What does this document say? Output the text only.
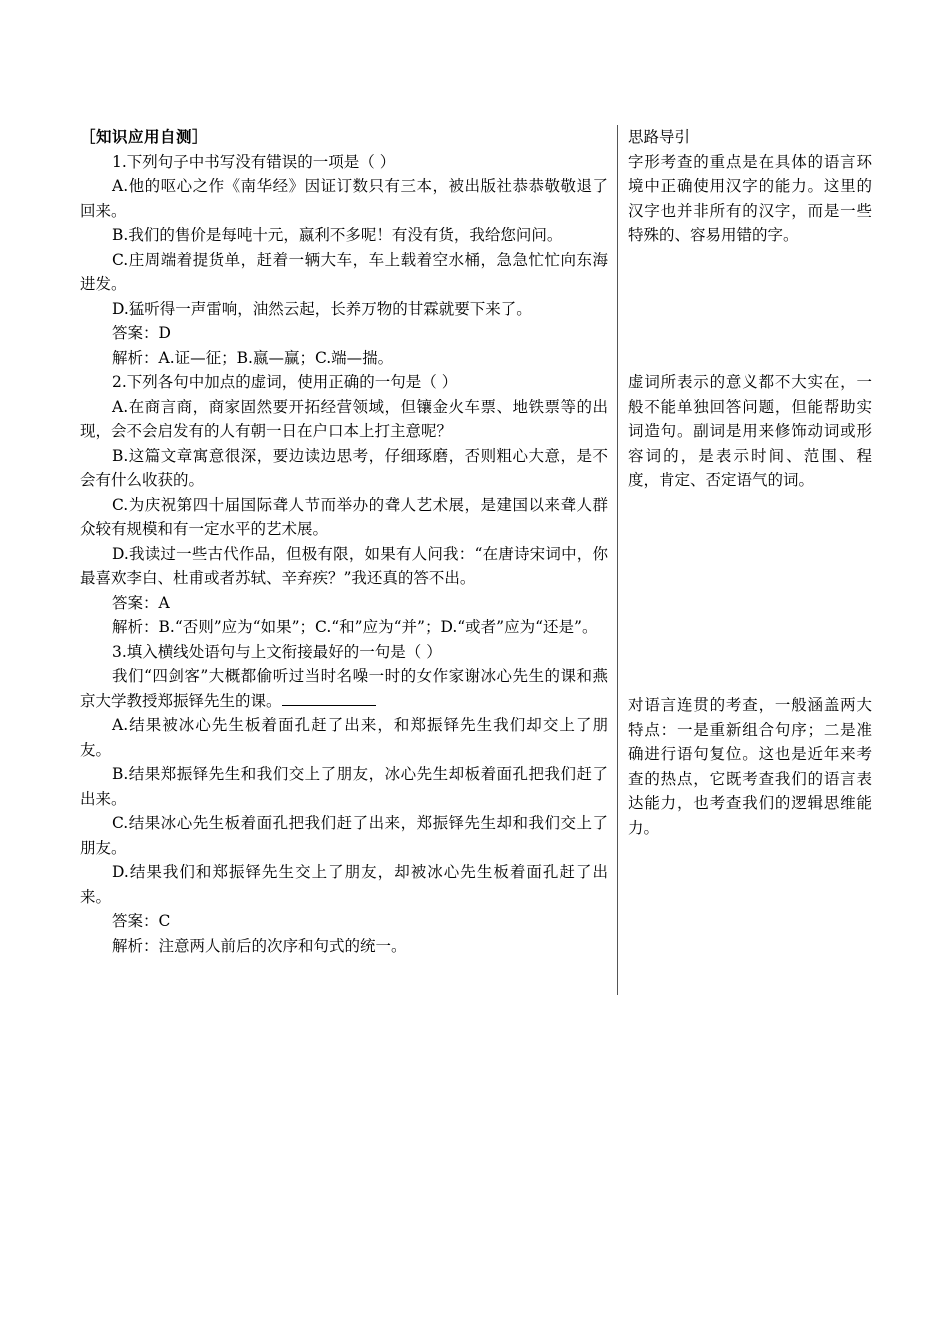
［知识应用自测］

1.下列句子中书写没有错误的一项是（ ）

A.他的呕心之作《南华经》因证订数只有三本，被出版社恭恭敬敬退了回来。

B.我们的售价是每吨十元，嬴利不多呢！有没有货，我给您问问。

C.庄周端着提货单，赶着一辆大车，车上载着空水桶，急急忙忙向东海进发。

D.猛听得一声雷响，油然云起，长养万物的甘霖就要下来了。

答案：D

解析：A.证—征；B.嬴—赢；C.端—揣。

2.下列各句中加点的虚词，使用正确的一句是（ ）

A.在商言商，商家固然要开拓经营领域，但镶金火车票、地铁票等的出现，会不会启发有的人有朝一日在户口本上打主意呢？

B.这篇文章寓意很深，要边读边思考，仔细琢磨，否则粗心大意，是不会有什么收获的。

C.为庆祝第四十届国际聋人节而举办的聋人艺术展，是建国以来聋人群众较有规模和有一定水平的艺术展。

D.我读过一些古代作品，但极有限，如果有人问我：“在唐诗宋词中，你最喜欢李白、杜甫或者苏轼、辛弃疾？”我还真的答不出。

答案：A

解析：B.“否则”应为“如果”；C.“和”应为“并”；D.“或者”应为“还是”。

3.填入横线处语句与上文衔接最好的一句是（ ）

我们“四剑客”大概都偷听过当时名噪一时的女作家谢冰心先生的课和燕京大学教授郑振铎先生的课。

A.结果被冰心先生板着面孔赶了出来，和郑振铎先生我们却交上了朋友。

B.结果郑振铎先生和我们交上了朋友，冰心先生却板着面孔把我们赶了出来。

C.结果冰心先生板着面孔把我们赶了出来，郑振铎先生却和我们交上了朋友。

D.结果我们和郑振铎先生交上了朋友，却被冰心先生板着面孔赶了出来。

答案：C

解析：注意两人前后的次序和句式的统一。

思路导引

字形考查的重点是在具体的语言环境中正确使用汉字的能力。这里的汉字也并非所有的汉字，而是一些特殊的、容易用错的字。

虚词所表示的意义都不大实在，一般不能单独回答问题，但能帮助实词造句。副词是用来修饰动词或形容词的，是表示时间、范围、程度，肯定、否定语气的词。

对语言连贯的考查，一般涵盖两大特点：一是重新组合句序；二是准确进行语句复位。这也是近年来考查的热点，它既考查我们的语言表达能力，也考查我们的逻辑思维能力。
